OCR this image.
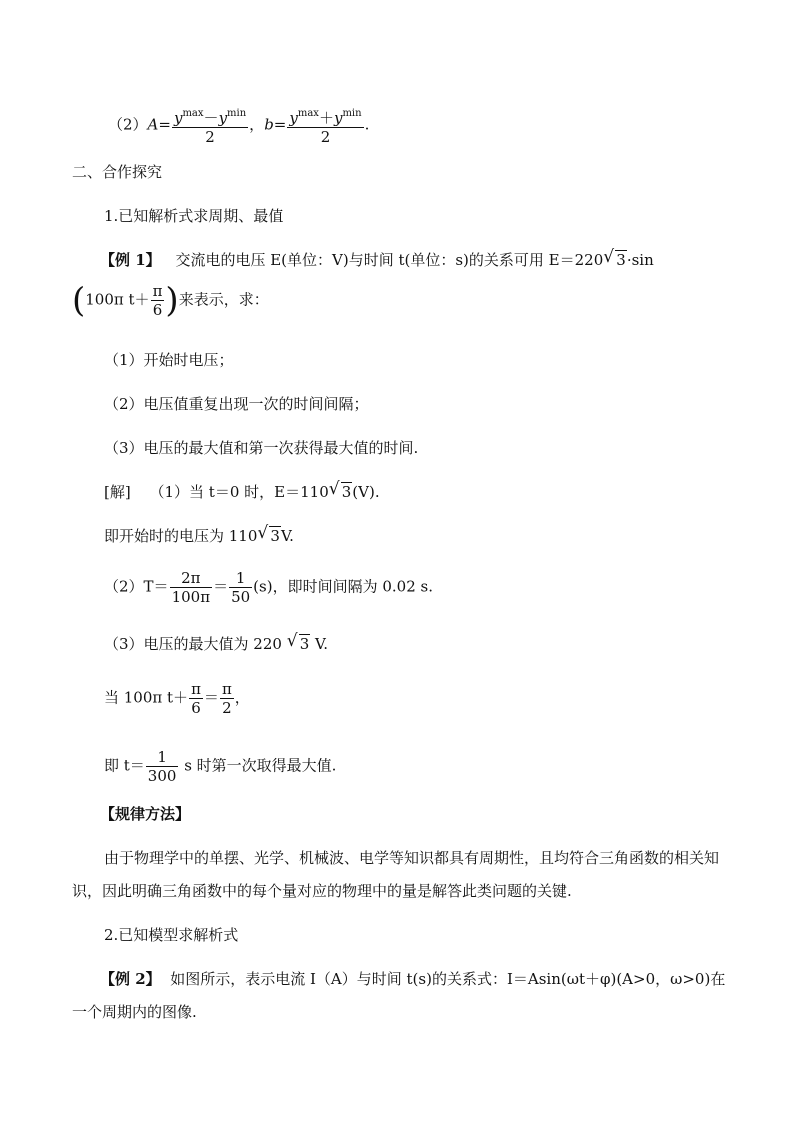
$(2)A= \frac{y^{max}-y^{min}}{2}$ ，$b= \frac{y^{max}+y^{min}}{2}$ .
二、合作探究
1.已知解析式求周期、最值
【例 1】 交流电的电压 E(单位：V)与时间 t(单位：s)的关系可用 E＝220 √ 3·sin
(100π $t+ \frac{\pi}{6}$ )来表示，求：
（1）开始时电压；
（2）电压值重复出现一次的时间间隔；
（3）电压的最大值和第一次获得最大值的时间.
[解] （1）当 t＝0 时，E＝110 √ 3(V).
即开始时的电压为 110 √ 3V.
$(2)T= \frac{2\pi}{100\pi} = \frac{1}{50} (s)$，即时间间隔为 0.02 s.
（3）电压的最大值为 220 √ 3 V.
当 100π $t+ \frac{\pi}{6} = \frac{\pi}{2}$ ，
即 $t= \frac{1}{300}$ s 时第一次取得最大值.
【规律方法】

由于物理学中的单摆、光学、机械波、电学等知识都具有周期性，且均符合三角函数的相关知识，因此明确三角函数中的每个量对应的物理中的量是解答此类问题的关键.

2.已知模型求解析式

【例 2】 如图所示，表示电流 I（A）与时间 t(s)的关系式：I＝Asin(ωt＋φ)(A>0，ω>0)在一个周期内的图像.
